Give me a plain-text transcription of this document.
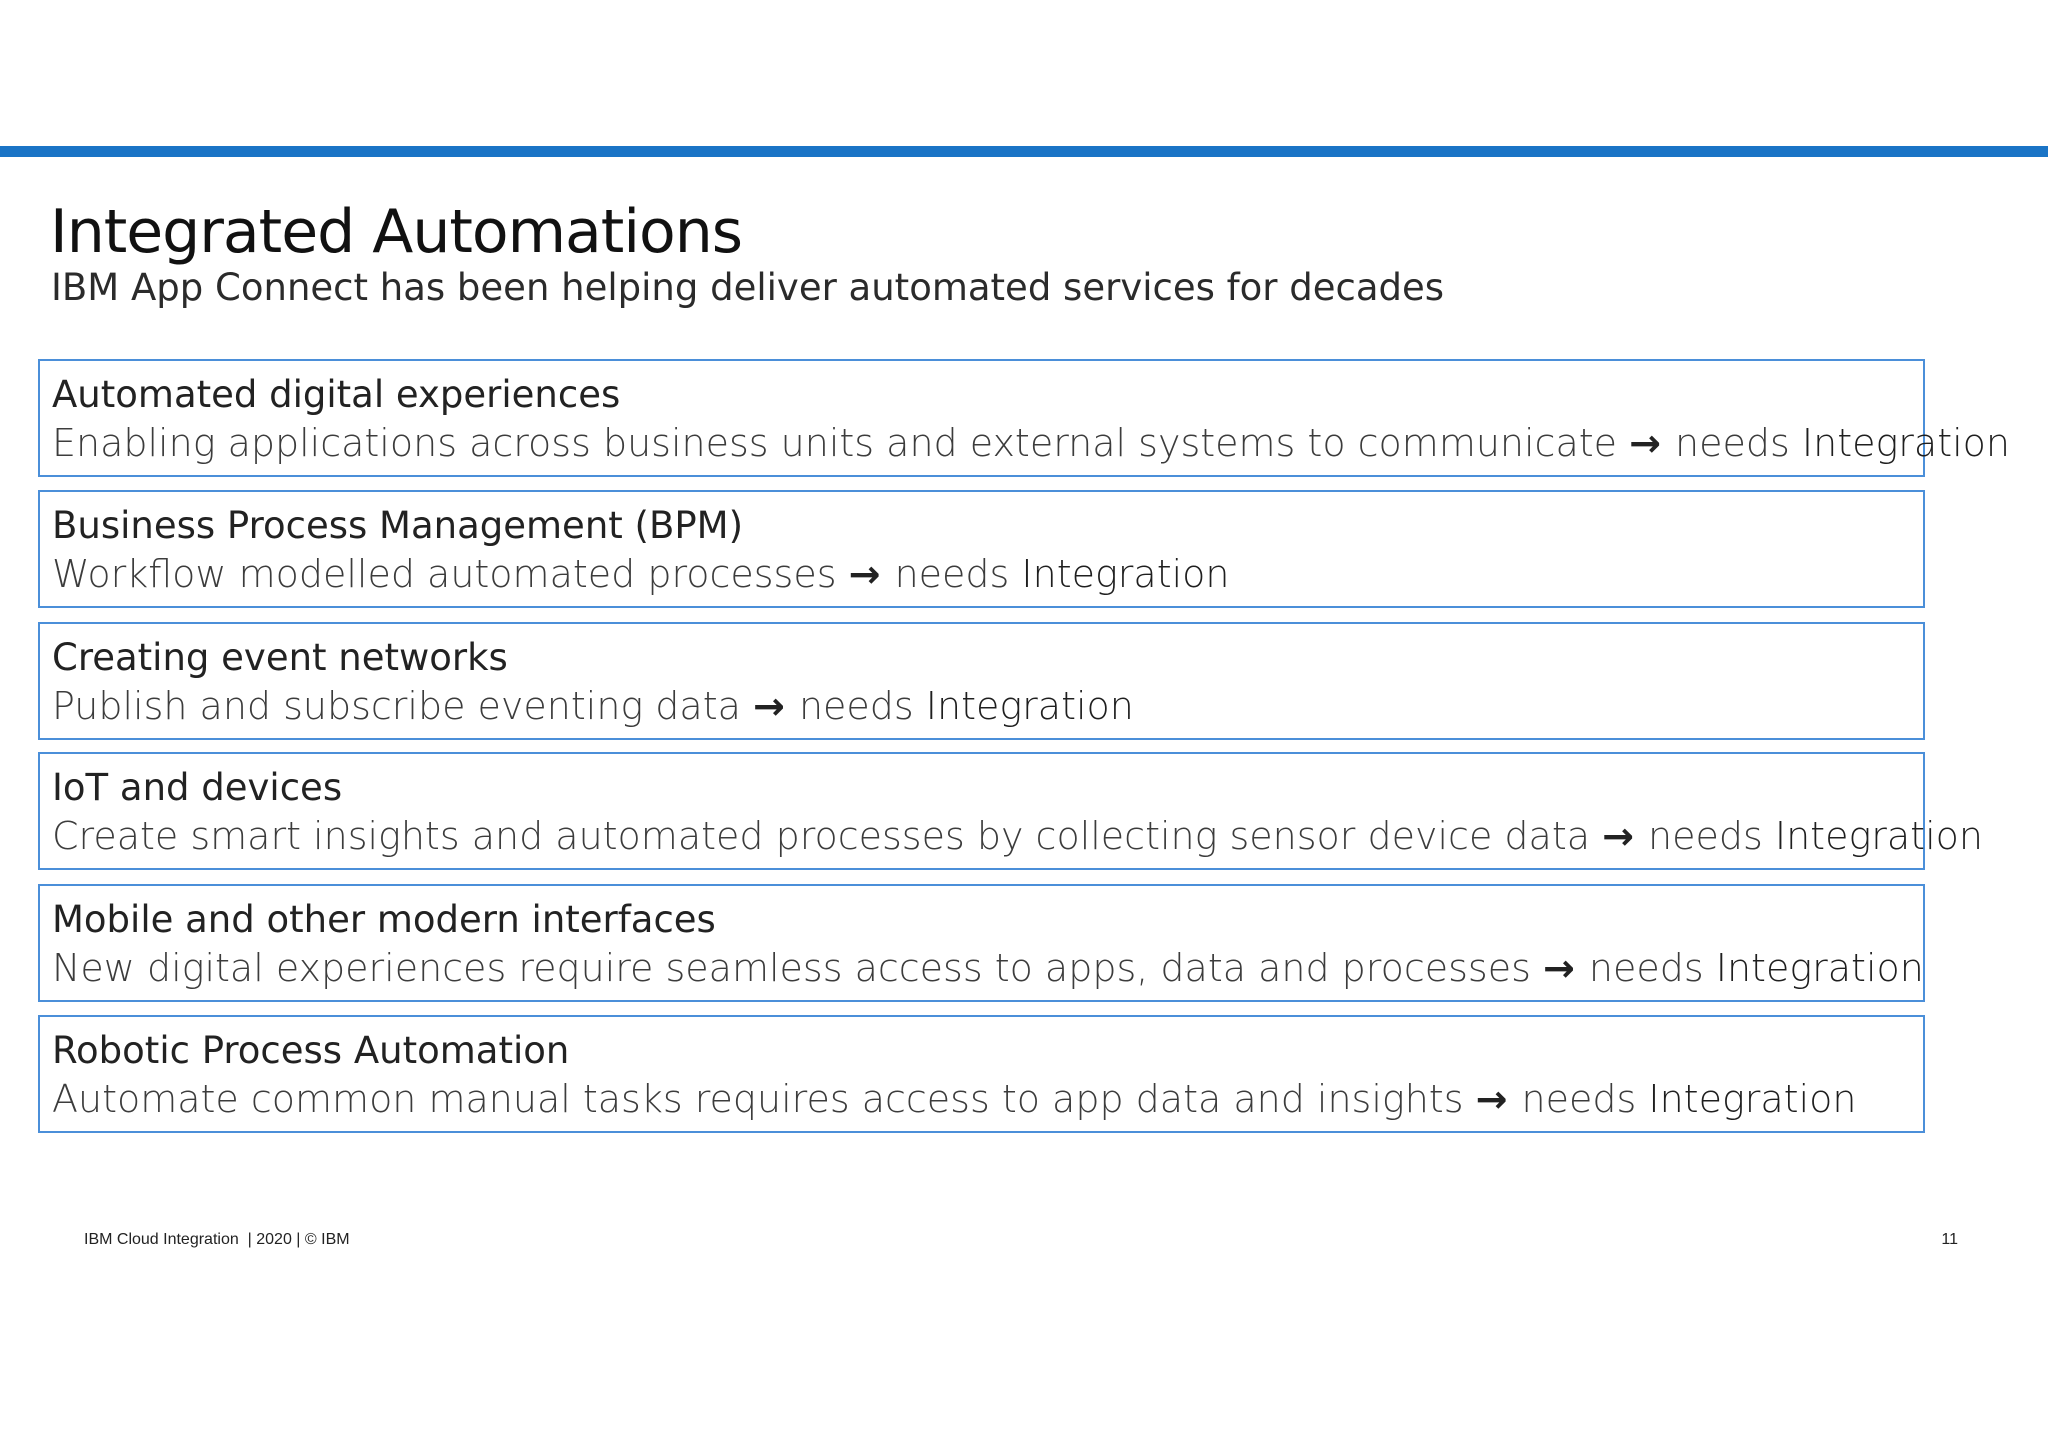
Integrated Automations

IBM App Connect has been helping deliver automated services for decades

Automated digital experiences
Enabling applications across business units and external systems to communicate → needs Integration
Business Process Management (BPM)
Workflow modelled automated processes → needs Integration
Creating event networks
Publish and subscribe eventing data → needs Integration
IoT and devices
Create smart insights and automated processes by collecting sensor device data → needs Integration
Mobile and other modern interfaces
New digital experiences require seamless access to apps, data and processes → needs Integration
Robotic Process Automation
Automate common manual tasks requires access to app data and insights → needs Integration
IBM Cloud Integration  | 2020 | © IBM	11
